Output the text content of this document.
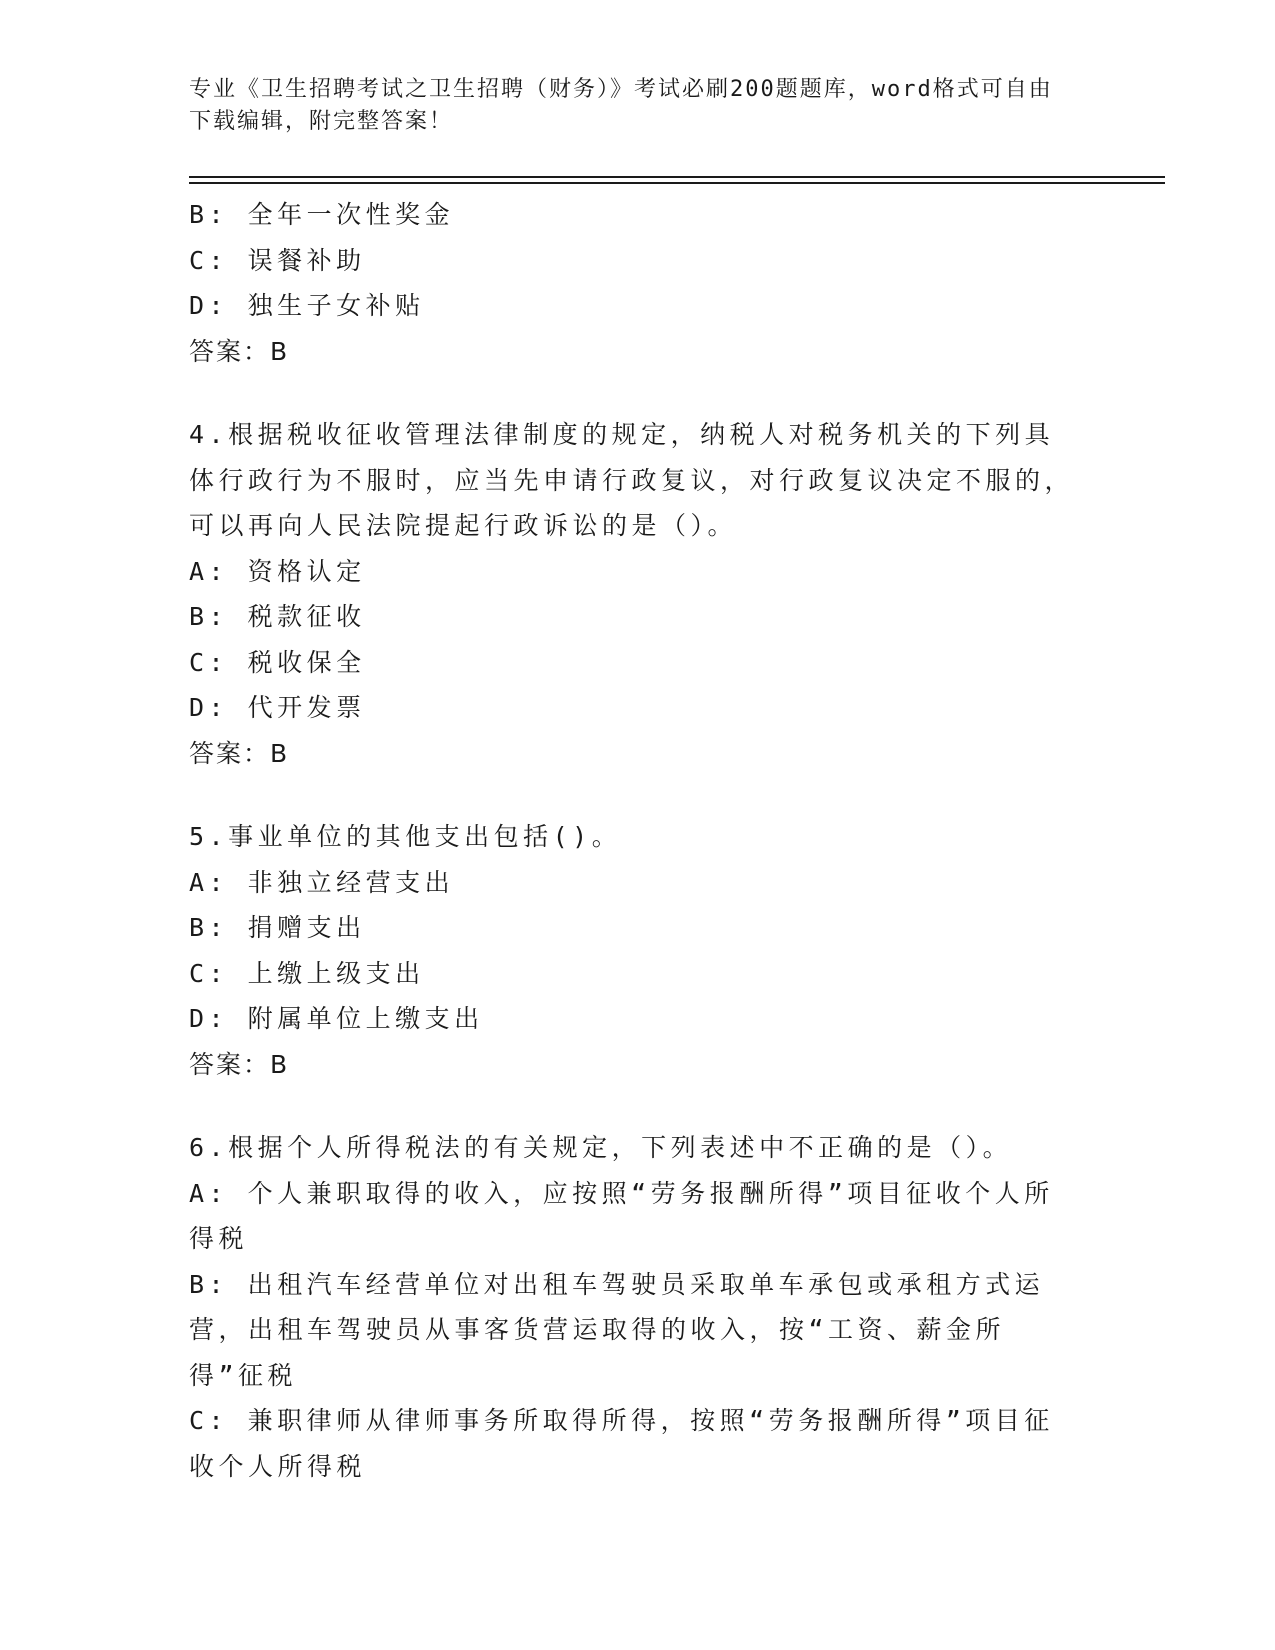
专业《卫生招聘考试之卫生招聘（财务）》考试必刷200题题库，word格式可自由下载编辑，附完整答案！

B: 全年一次性奖金

C: 误餐补助

D: 独生子女补贴

答案：B

4.根据税收征收管理法律制度的规定，纳税人对税务机关的下列具体行政行为不服时，应当先申请行政复议，对行政复议决定不服的，可以再向人民法院提起行政诉讼的是（）。

A: 资格认定

B: 税款征收

C: 税收保全

D: 代开发票

答案：B

5.事业单位的其他支出包括()。

A: 非独立经营支出

B: 捐赠支出

C: 上缴上级支出

D: 附属单位上缴支出

答案：B

6.根据个人所得税法的有关规定，下列表述中不正确的是（）。

A: 个人兼职取得的收入，应按照“劳务报酬所得”项目征收个人所得税

B: 出租汽车经营单位对出租车驾驶员采取单车承包或承租方式运营，出租车驾驶员从事客货营运取得的收入，按“工资、薪金所得”征税

C: 兼职律师从律师事务所取得所得，按照“劳务报酬所得”项目征收个人所得税
